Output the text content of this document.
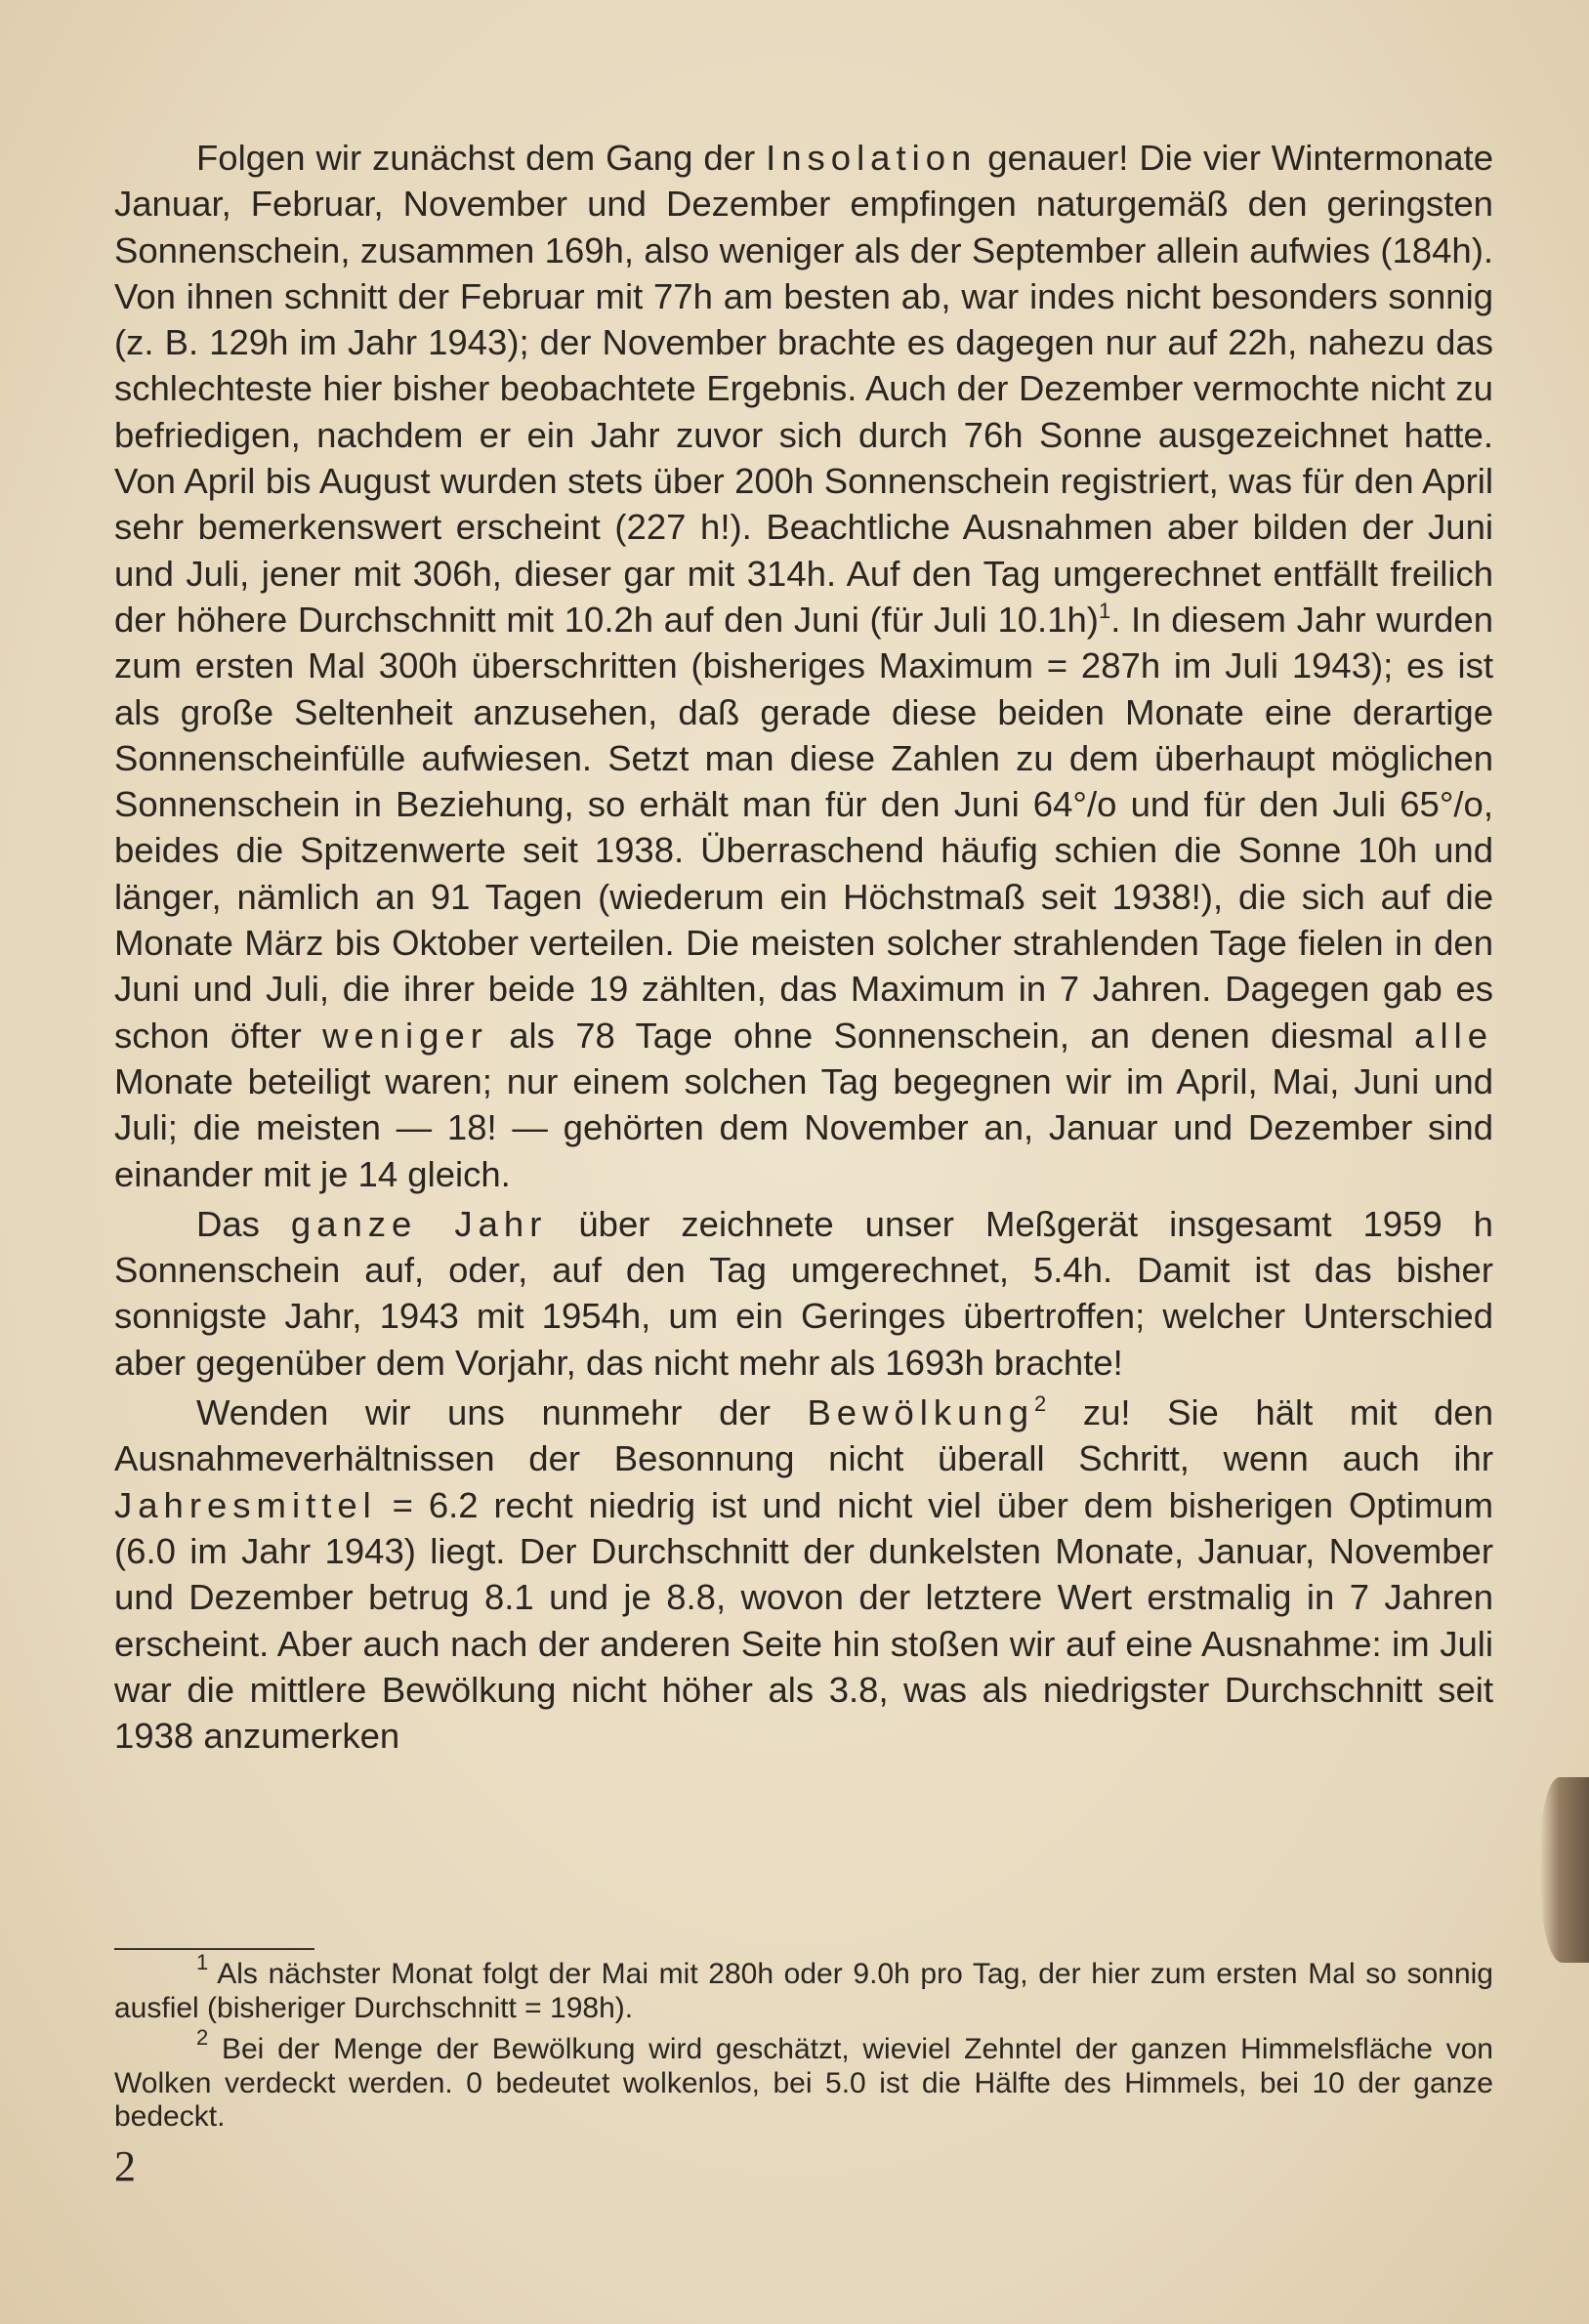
Folgen wir zunächst dem Gang der Insolation genauer! Die vier Wintermonate Januar, Februar, November und Dezember empfingen naturgemäß den geringsten Sonnenschein, zusammen 169h, also weniger als der September allein aufwies (184h). Von ihnen schnitt der Februar mit 77h am besten ab, war indes nicht besonders sonnig (z. B. 129h im Jahr 1943); der November brachte es dagegen nur auf 22h, nahezu das schlechteste hier bisher beobachtete Ergebnis. Auch der Dezember vermochte nicht zu befriedigen, nachdem er ein Jahr zuvor sich durch 76h Sonne ausgezeichnet hatte. Von April bis August wurden stets über 200h Sonnenschein registriert, was für den April sehr bemerkenswert erscheint (227 h!). Beachtliche Ausnahmen aber bilden der Juni und Juli, jener mit 306h, dieser gar mit 314h. Auf den Tag umgerechnet entfällt freilich der höhere Durchschnitt mit 10.2h auf den Juni (für Juli 10.1h)$^1$. In diesem Jahr wurden zum ersten Mal 300h überschritten (bisheriges Maximum = 287h im Juli 1943); es ist als große Seltenheit anzusehen, daß gerade diese beiden Monate eine derartige Sonnenscheinfülle aufwiesen. Setzt man diese Zahlen zu dem überhaupt möglichen Sonnenschein in Beziehung, so erhält man für den Juni 64°/o und für den Juli 65°/o, beides die Spitzenwerte seit 1938. Überraschend häufig schien die Sonne 10h und länger, nämlich an 91 Tagen (wiederum ein Höchstmaß seit 1938!), die sich auf die Monate März bis Oktober verteilen. Die meisten solcher strahlenden Tage fielen in den Juni und Juli, die ihrer beide 19 zählten, das Maximum in 7 Jahren. Dagegen gab es schon öfter weniger als 78 Tage ohne Sonnenschein, an denen diesmal alle Monate beteiligt waren; nur einem solchen Tag begegnen wir im April, Mai, Juni und Juli; die meisten — 18! — gehörten dem November an, Januar und Dezember sind einander mit je 14 gleich.

Das ganze Jahr über zeichnete unser Meßgerät insgesamt 1959 h Sonnenschein auf, oder, auf den Tag umgerechnet, 5.4h. Damit ist das bisher sonnigste Jahr, 1943 mit 1954h, um ein Geringes übertroffen; welcher Unterschied aber gegenüber dem Vorjahr, das nicht mehr als 1693h brachte!

Wenden wir uns nunmehr der Bewölkung$^2$ zu! Sie hält mit den Ausnahmeverhältnissen der Besonnung nicht überall Schritt, wenn auch ihr Jahresmittel = 6.2 recht niedrig ist und nicht viel über dem bisherigen Optimum (6.0 im Jahr 1943) liegt. Der Durchschnitt der dunkelsten Monate, Januar, November und Dezember betrug 8.1 und je 8.8, wovon der letztere Wert erstmalig in 7 Jahren erscheint. Aber auch nach der anderen Seite hin stoßen wir auf eine Ausnahme: im Juli war die mittlere Bewölkung nicht höher als 3.8, was als niedrigster Durchschnitt seit 1938 anzumerken

$^1$ Als nächster Monat folgt der Mai mit 280h oder 9.0h pro Tag, der hier zum ersten Mal so sonnig ausfiel (bisheriger Durchschnitt = 198h).

$^2$ Bei der Menge der Bewölkung wird geschätzt, wieviel Zehntel der ganzen Himmelsfläche von Wolken verdeckt werden. 0 bedeutet wolkenlos, bei 5.0 ist die Hälfte des Himmels, bei 10 der ganze bedeckt.

2
